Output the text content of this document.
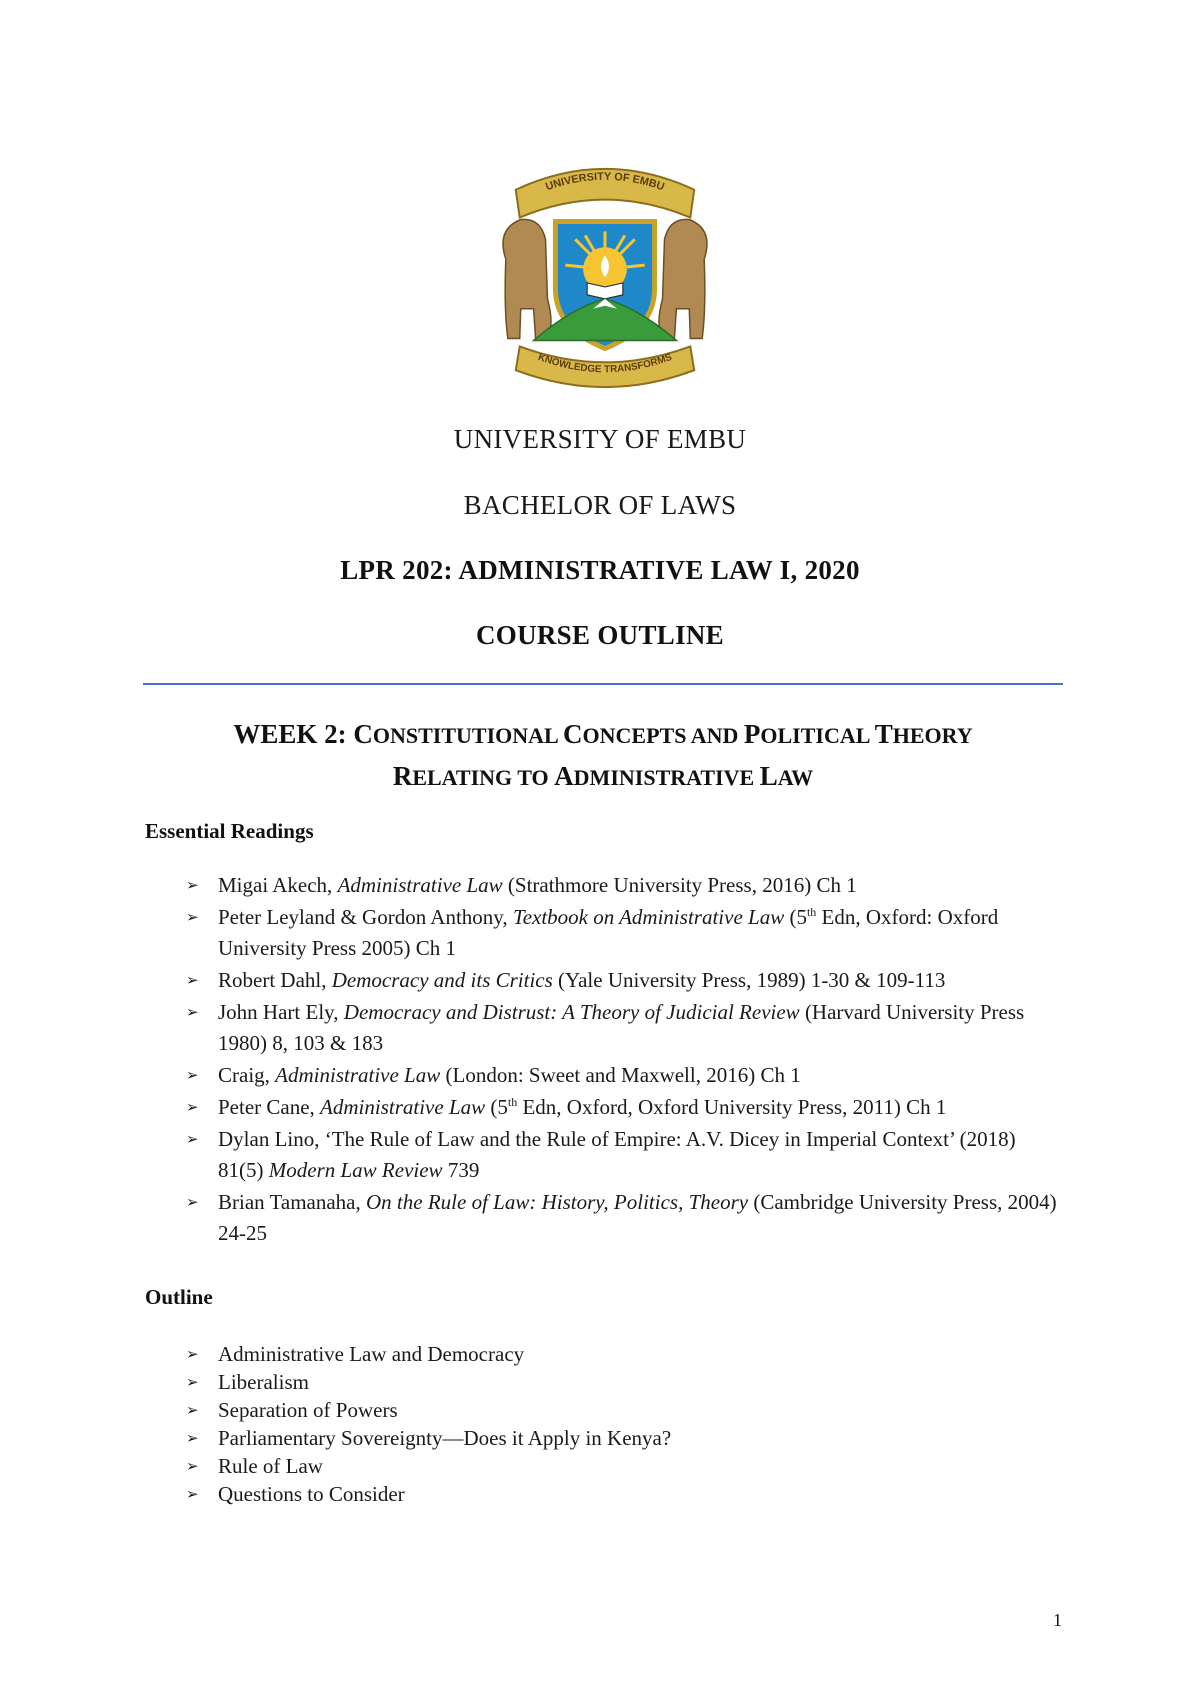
UNIVERSITY OF EMBU
KNOWLEDGE TRANSFORMS
UNIVERSITY OF EMBU
BACHELOR OF LAWS
LPR 202: ADMINISTRATIVE LAW I, 2020
COURSE OUTLINE
WEEK 2: CONSTITUTIONAL CONCEPTS AND POLITICAL THEORY
RELATING TO ADMINISTRATIVE LAW
Essential Readings
➢ Migai Akech, Administrative Law (Strathmore University Press, 2016) Ch 1
➢ Peter Leyland & Gordon Anthony, Textbook on Administrative Law (5th Edn, Oxford: Oxford University Press 2005) Ch 1
➢ Robert Dahl, Democracy and its Critics (Yale University Press, 1989) 1-30 & 109-113
➢ John Hart Ely, Democracy and Distrust: A Theory of Judicial Review (Harvard University Press 1980) 8, 103 & 183
➢ Craig, Administrative Law (London: Sweet and Maxwell, 2016) Ch 1
➢ Peter Cane, Administrative Law (5th Edn, Oxford, Oxford University Press, 2011) Ch 1
➢ Dylan Lino, ‘The Rule of Law and the Rule of Empire: A.V. Dicey in Imperial Context’ (2018) 81(5) Modern Law Review 739
➢ Brian Tamanaha, On the Rule of Law: History, Politics, Theory (Cambridge University Press, 2004) 24-25
Outline
➢ Administrative Law and Democracy
➢ Liberalism
➢ Separation of Powers
➢ Parliamentary Sovereignty—Does it Apply in Kenya?
➢ Rule of Law
➢ Questions to Consider
1
